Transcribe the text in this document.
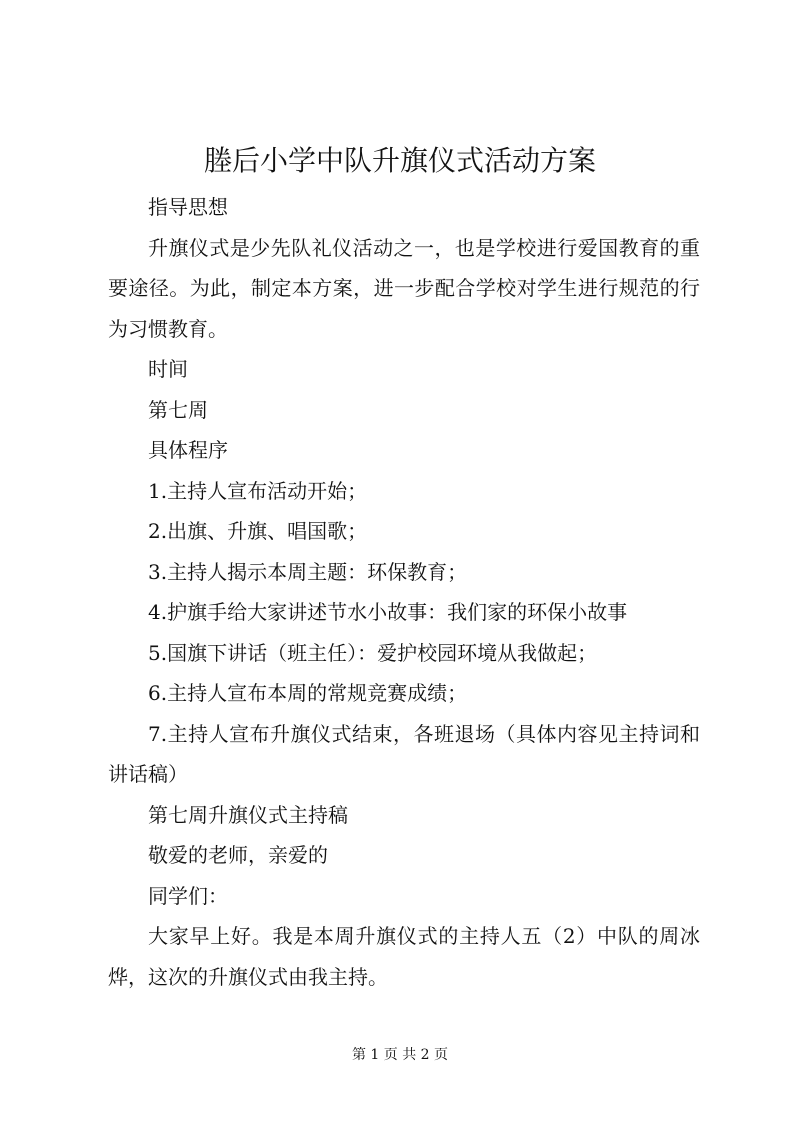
塍后小学中队升旗仪式活动方案

指导思想

升旗仪式是少先队礼仪活动之一，也是学校进行爱国教育的重要途径。为此，制定本方案，进一步配合学校对学生进行规范的行为习惯教育。

时间

第七周

具体程序

1.主持人宣布活动开始；

2.出旗、升旗、唱国歌；

3.主持人揭示本周主题：环保教育；

4.护旗手给大家讲述节水小故事：我们家的环保小故事

5.国旗下讲话（班主任）：爱护校园环境从我做起；

6.主持人宣布本周的常规竞赛成绩；

7.主持人宣布升旗仪式结束，各班退场（具体内容见主持词和讲话稿）

第七周升旗仪式主持稿

敬爱的老师，亲爱的

同学们：

大家早上好。我是本周升旗仪式的主持人五（2）中队的周冰烨，这次的升旗仪式由我主持。

第 1 页 共 2 页
